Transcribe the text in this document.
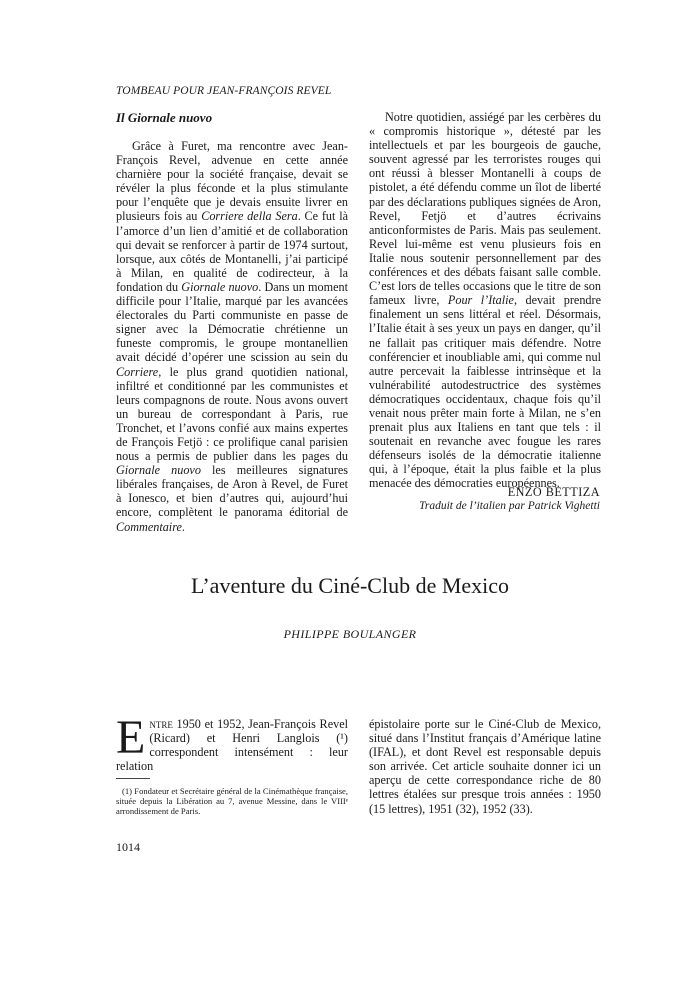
TOMBEAU POUR JEAN-FRANÇOIS REVEL
Il Giornale nuovo

Grâce à Furet, ma rencontre avec Jean-François Revel, advenue en cette année charnière pour la société française, devait se révéler la plus féconde et la plus stimulante pour l’enquête que je devais ensuite livrer en plusieurs fois au Corriere della Sera. Ce fut là l’amorce d’un lien d’amitié et de collaboration qui devait se renforcer à partir de 1974 surtout, lorsque, aux côtés de Montanelli, j’ai participé à Milan, en qualité de codirecteur, à la fondation du Giornale nuovo. Dans un moment difficile pour l’Italie, marqué par les avancées électorales du Parti communiste en passe de signer avec la Démocratie chrétienne un funeste compromis, le groupe montanellien avait décidé d’opérer une scission au sein du Corriere, le plus grand quotidien national, infiltré et conditionné par les communistes et leurs compagnons de route. Nous avons ouvert un bureau de correspondant à Paris, rue Tronchet, et l’avons confié aux mains expertes de François Fetjö : ce prolifique canal parisien nous a permis de publier dans les pages du Giornale nuovo les meilleures signatures libérales françaises, de Aron à Revel, de Furet à Ionesco, et bien d’autres qui, aujourd’hui encore, complètent le panorama éditorial de Commentaire.

Notre quotidien, assiégé par les cerbères du « compromis historique », détesté par les intellectuels et par les bourgeois de gauche, souvent agressé par les terroristes rouges qui ont réussi à blesser Montanelli à coups de pistolet, a été défendu comme un îlot de liberté par des déclarations publiques signées de Aron, Revel, Fetjö et d’autres écrivains anticonformistes de Paris. Mais pas seulement. Revel lui-même est venu plusieurs fois en Italie nous soutenir personnellement par des conférences et des débats faisant salle comble. C’est lors de telles occasions que le titre de son fameux livre, Pour l’Italie, devait prendre finalement un sens littéral et réel. Désormais, l’Italie était à ses yeux un pays en danger, qu’il ne fallait pas critiquer mais défendre. Notre conférencier et inoubliable ami, qui comme nul autre percevait la faiblesse intrinsèque et la vulnérabilité autodestructrice des systèmes démocratiques occidentaux, chaque fois qu’il venait nous prêter main forte à Milan, ne s’en prenait plus aux Italiens en tant que tels : il soutenait en revanche avec fougue les rares défenseurs isolés de la démocratie italienne qui, à l’époque, était la plus faible et la plus menacée des démocraties européennes.

ENZO BETTIZA
Traduit de l’italien par Patrick Vighetti
L’aventure du Ciné-Club de Mexico
PHILIPPE BOULANGER

Entre 1950 et 1952, Jean-François Revel (Ricard) et Henri Langlois (¹) correspondent intensément : leur relation

épistolaire porte sur le Ciné-Club de Mexico, situé dans l’Institut français d’Amérique latine (IFAL), et dont Revel est responsable depuis son arrivée. Cet article souhaite donner ici un aperçu de cette correspondance riche de 80 lettres étalées sur presque trois années : 1950 (15 lettres), 1951 (32), 1952 (33).

(1) Fondateur et Secrétaire général de la Cinémathèque française, située depuis la Libération au 7, avenue Messine, dans le VIIIᵉ arrondissement de Paris.

1014
